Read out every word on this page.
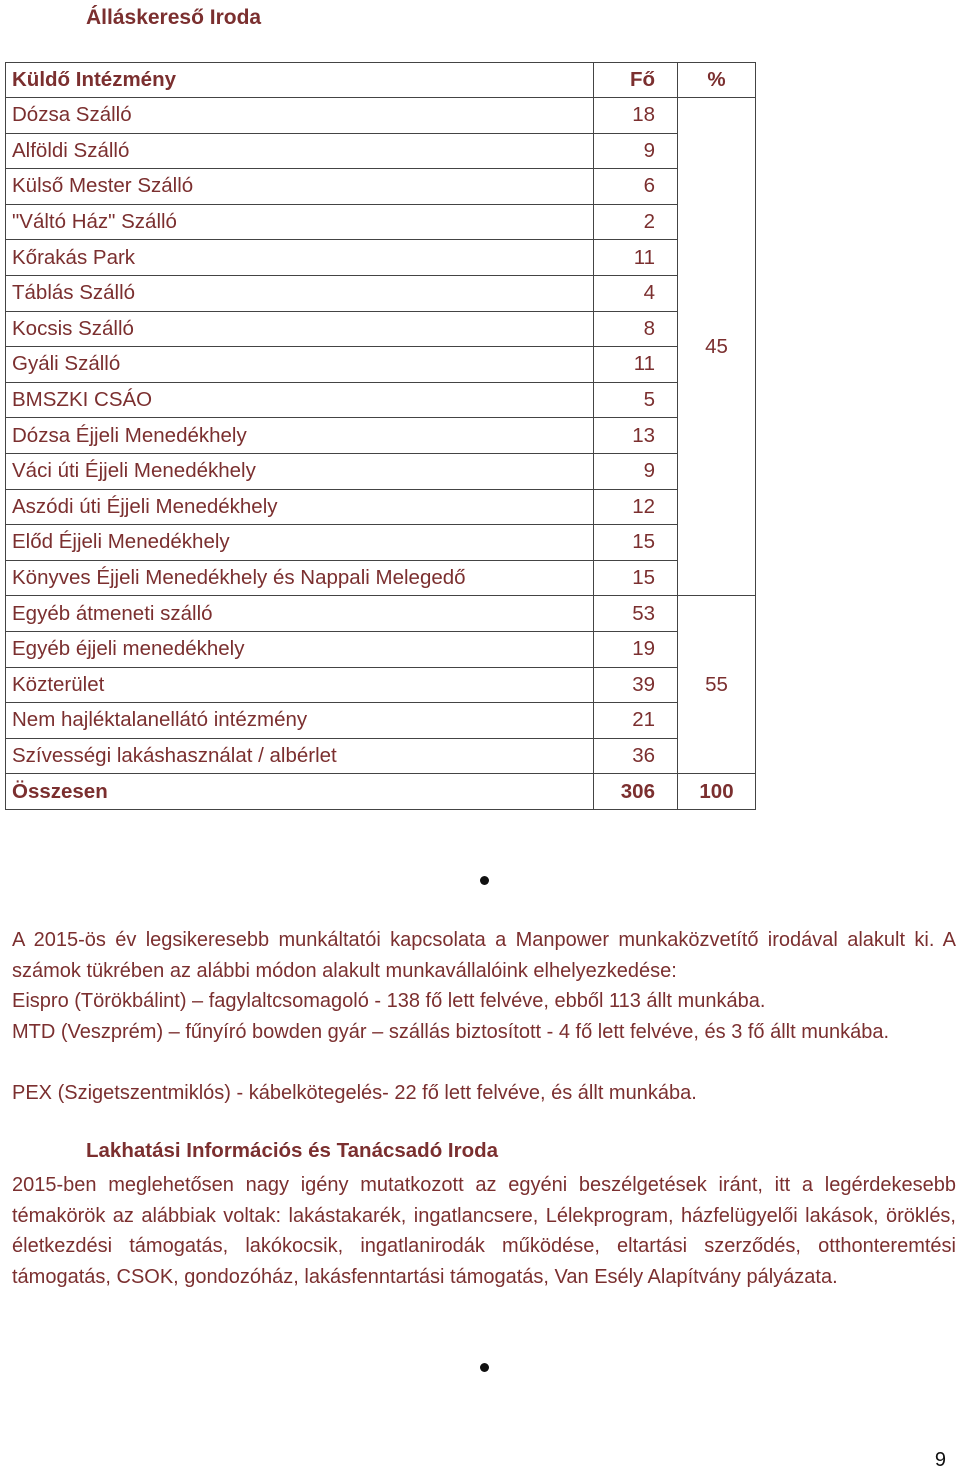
Álláskereső Iroda
Küldő Intézmény	Fő	%
Dózsa Szálló	18	45
Alföldi Szálló	9	
Külső Mester Szálló	6	
"Váltó Ház" Szálló	2	
Kőrakás Park	11	
Táblás Szálló	4	
Kocsis Szálló	8	
Gyáli Szálló	11	
BMSZKI CSÁO	5	
Dózsa Éjjeli Menedékhely	13	
Váci úti Éjjeli Menedékhely	9	
Aszódi úti Éjjeli Menedékhely	12	
Előd Éjjeli Menedékhely	15	
Könyves Éjjeli Menedékhely és Nappali Melegedő	15	
Egyéb átmeneti szálló	53	55
Egyéb éjjeli menedékhely	19	
Közterület	39	
Nem hajléktalanellátó intézmény	21	
Szívességi lakáshasználat / albérlet	36	
Összesen	306	100
A 2015-ös év legsikeresebb munkáltatói kapcsolata a Manpower munkaközvetítő irodával alakult ki. A számok tükrében az alábbi módon alakult munkavállalóink elhelyezkedése:
Eispro (Törökbálint) – fagylaltcsomagoló - 138 fő lett felvéve, ebből 113 állt munkába.
MTD (Veszprém) – fűnyíró bowden gyár – szállás biztosított - 4 fő lett felvéve, és 3 fő állt munkába.
PEX (Szigetszentmiklós) - kábelkötegelés- 22 fő lett felvéve, és állt munkába.
Lakhatási Információs és Tanácsadó Iroda
2015-ben meglehetősen nagy igény mutatkozott az egyéni beszélgetések iránt, itt a legérdekesebb témakörök az alábbiak voltak: lakástakarék, ingatlancsere, Lélekprogram, házfelügyelői lakások, öröklés, életkezdési támogatás, lakókocsik, ingatlanirodák működése, eltartási szerződés, otthonteremtési támogatás, CSOK, gondozóház, lakásfenntartási támogatás, Van Esély Alapítvány pályázata.
9
